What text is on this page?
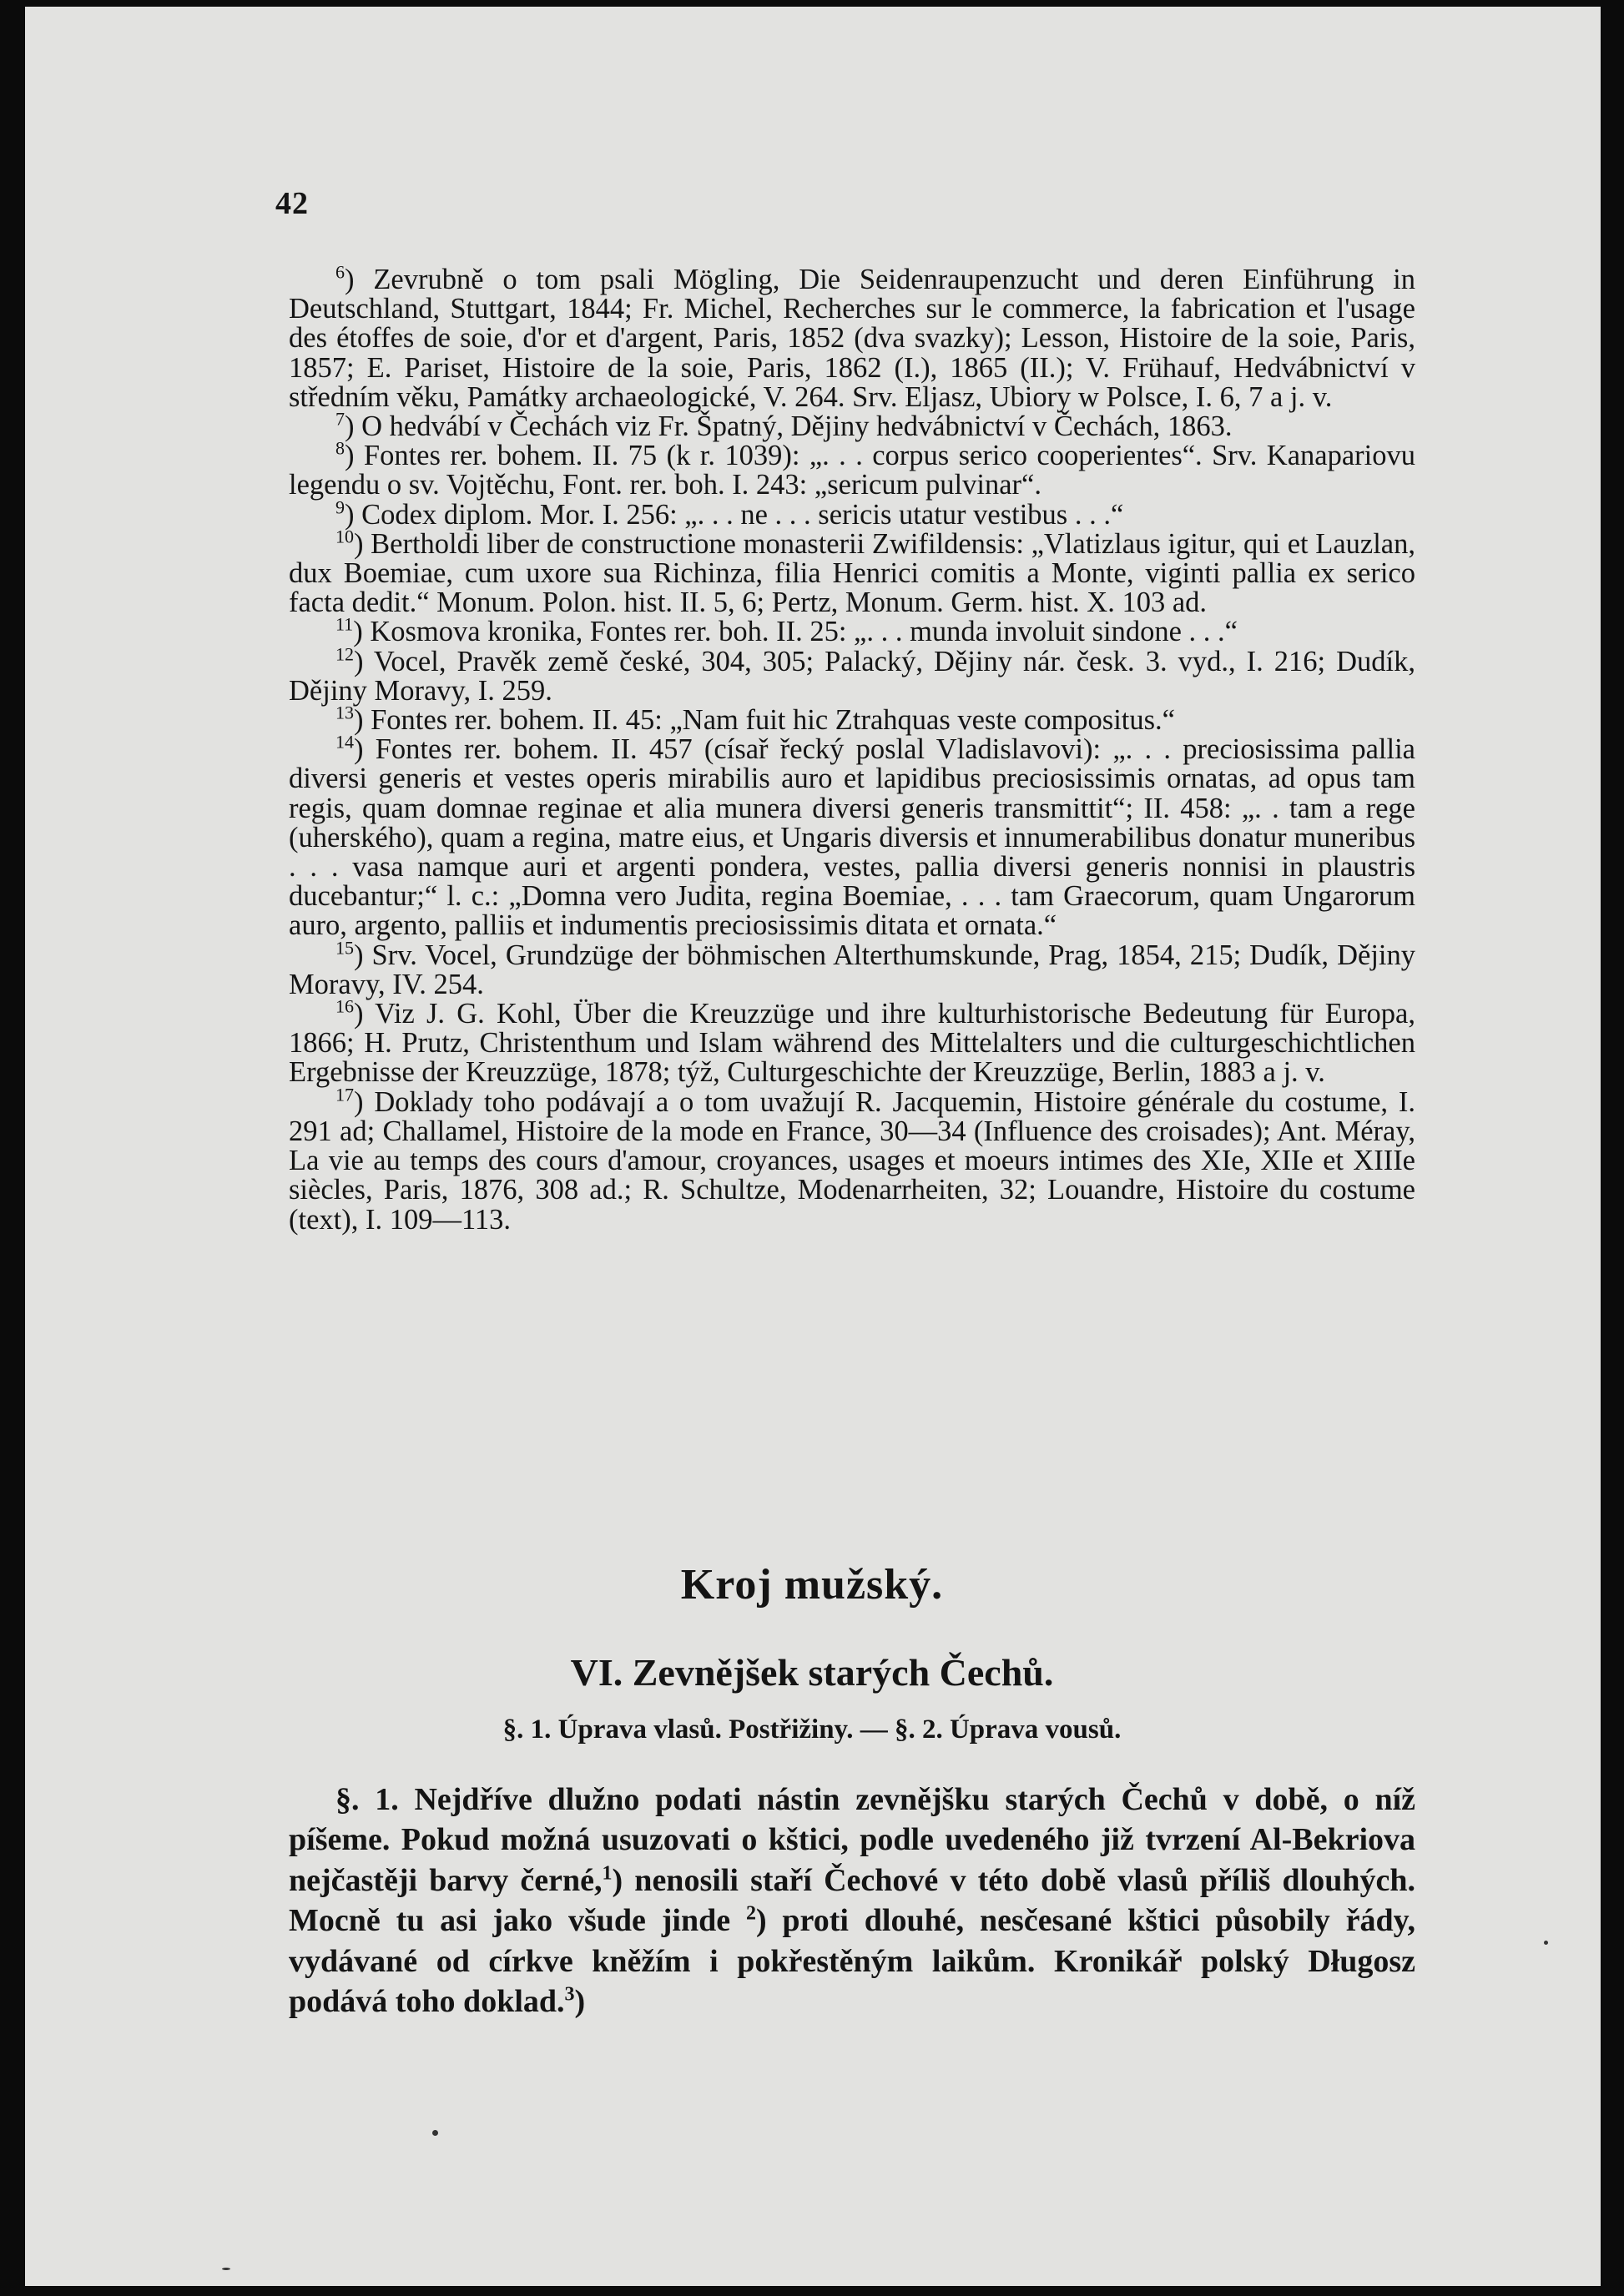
42

$^6$) Zevrubně o tom psali Mögling, Die Seidenraupenzucht und deren Einführung in Deutschland, Stuttgart, 1844; Fr. Michel, Recherches sur le commerce, la fabrication et l'usage des étoffes de soie, d'or et d'argent, Paris, 1852 (dva svazky); Lesson, Histoire de la soie, Paris, 1857; E. Pariset, Histoire de la soie, Paris, 1862 (I.), 1865 (II.); V. Frühauf, Hedvábnictví v středním věku, Památky archaeologické, V. 264. Srv. Eljasz, Ubiory w Polsce, I. 6, 7 a j. v.

$^7$) O hedvábí v Čechách viz Fr. Špatný, Dějiny hedvábnictví v Čechách, 1863.

$^8$) Fontes rer. bohem. II. 75 (k r. 1039): „. . . corpus serico cooperientes“. Srv. Kanapariovu legendu o sv. Vojtěchu, Font. rer. boh. I. 243: „sericum pulvinar“.

$^9$) Codex diplom. Mor. I. 256: „. . . ne . . . sericis utatur vestibus . . .“

$^{10}$) Bertholdi liber de constructione monasterii Zwifildensis: „Vlatizlaus igitur, qui et Lauzlan, dux Boemiae, cum uxore sua Richinza, filia Henrici comitis a Monte, viginti pallia ex serico facta dedit.“ Monum. Polon. hist. II. 5, 6; Pertz, Monum. Germ. hist. X. 103 ad.

$^{11}$) Kosmova kronika, Fontes rer. boh. II. 25: „. . . munda involuit sindone . . .“

$^{12}$) Vocel, Pravěk země české, 304, 305; Palacký, Dějiny nár. česk. 3. vyd., I. 216; Dudík, Dějiny Moravy, I. 259.

$^{13}$) Fontes rer. bohem. II. 45: „Nam fuit hic Ztrahquas veste compositus.“

$^{14}$) Fontes rer. bohem. II. 457 (císař řecký poslal Vladislavovi): „. . . preciosissima pallia diversi generis et vestes operis mirabilis auro et lapidibus preciosissimis ornatas, ad opus tam regis, quam domnae reginae et alia munera diversi generis transmittit“; II. 458: „. . tam a rege (uherského), quam a regina, matre eius, et Ungaris diversis et innumerabilibus donatur muneribus . . . vasa namque auri et argenti pondera, vestes, pallia diversi generis nonnisi in plaustris ducebantur;“ l. c.: „Domna vero Judita, regina Boemiae, . . . tam Graecorum, quam Ungarorum auro, argento, palliis et indumentis preciosissimis ditata et ornata.“

$^{15}$) Srv. Vocel, Grundzüge der böhmischen Alterthumskunde, Prag, 1854, 215; Dudík, Dějiny Moravy, IV. 254.

$^{16}$) Viz J. G. Kohl, Über die Kreuzzüge und ihre kulturhistorische Bedeutung für Europa, 1866; H. Prutz, Christenthum und Islam während des Mittelalters und die culturgeschichtlichen Ergebnisse der Kreuzzüge, 1878; týž, Culturgeschichte der Kreuzzüge, Berlin, 1883 a j. v.

$^{17}$) Doklady toho podávají a o tom uvažují R. Jacquemin, Histoire générale du costume, I. 291 ad; Challamel, Histoire de la mode en France, 30—34 (Influence des croisades); Ant. Méray, La vie au temps des cours d'amour, croyances, usages et moeurs intimes des XIe, XIIe et XIIIe siècles, Paris, 1876, 308 ad.; R. Schultze, Modenarrheiten, 32; Louandre, Histoire du costume (text), I. 109—113.

Kroj mužský.
VI. Zevnějšek starých Čechů.
§. 1. Úprava vlasů. Postřižiny. — §. 2. Úprava vousů.

§. 1. Nejdříve dlužno podati nástin zevnějšku starých Čechů v době, o níž píšeme. Pokud možná usuzovati o kštici, podle uvedeného již tvrzení Al-Bekriova nejčastěji barvy černé,$^1$) nenosili staří Čechové v této době vlasů příliš dlouhých. Mocně tu asi jako všude jinde $^2$) proti dlouhé, nesčesané kštici působily řády, vydávané od církve kněžím i pokřestěným laikům. Kronikář polský Długosz podává toho doklad.$^3$)
